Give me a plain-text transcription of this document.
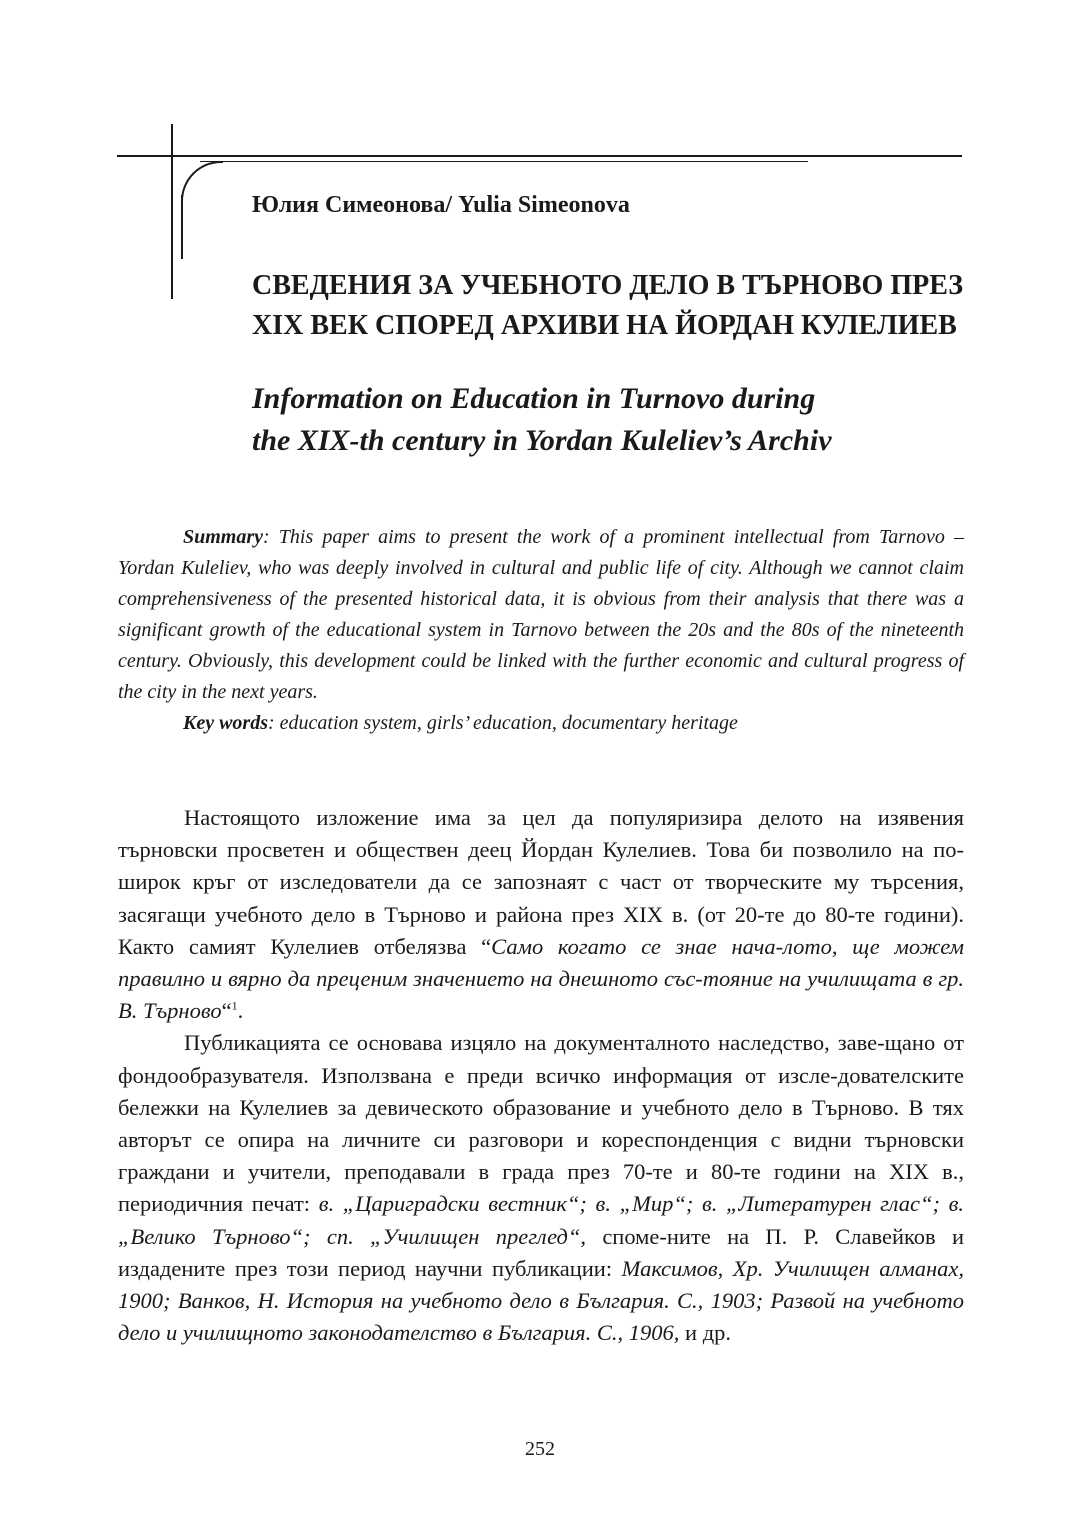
Юлия Симеонова/ Yulia Simeonova
СВЕДЕНИЯ ЗА УЧЕБНОТО ДЕЛО В ТЪРНОВО ПРЕЗ
XIX ВЕК СПОРЕД АРХИВИ НА ЙОРДАН КУЛЕЛИЕВ
Information on Education in Turnovo during
the XIX-th century in Yordan Kuleliev’s Archiv

Summary: This paper aims to present the work of a prominent intellectual from Tarnovo – Yordan Kuleliev, who was deeply involved in cultural and public life of city. Although we cannot claim comprehensiveness of the presented historical data, it is obvious from their analysis that there was a significant growth of the educational system in Tarnovo between the 20s and the 80s of the nineteenth century. Obviously, this development could be linked with the further economic and cultural progress of the city in the next years.

Key words: education system, girls’ education, documentary heritage

Настоящото изложение има за цел да популяризира делото на изявения търновски просветен и обществен деец Йордан Кулелиев. Това би позволило на по-широк кръг от изследователи да се запознаят с част от творческите му търсения, засягащи учебното дело в Търново и района през XIX в. (от 20-те до 80-те години). Както самият Кулелиев отбелязва “Само когато се знае нача-лото, ще можем правилно и вярно да преценим значението на днешното със-тояние на училищата в гр. В. Търново“$^1$.

Публикацията се основава изцяло на документалното наследство, заве-щано от фондообразувателя. Използвана е преди всичко информация от изсле-дователските бележки на Кулелиев за девическото образование и учебното дело в Търново. В тях авторът се опира на личните си разговори и кореспонденция с видни търновски граждани и учители, преподавали в града през 70-те и 80-те години на XIX в., периодичния печат: в. „Цариградски вестник“; в. „Мир“; в. „Литературен глас“; в. „Велико Търново“; сп. „Училищен преглед“, споме-ните на П. Р. Славейков и издадените през този период научни публикации: Максимов, Хр. Училищен алманах, 1900; Ванков, Н. История на учебното дело в България. С., 1903; Развой на учебното дело и училищното законодателство в България. С., 1906, и др.

252
